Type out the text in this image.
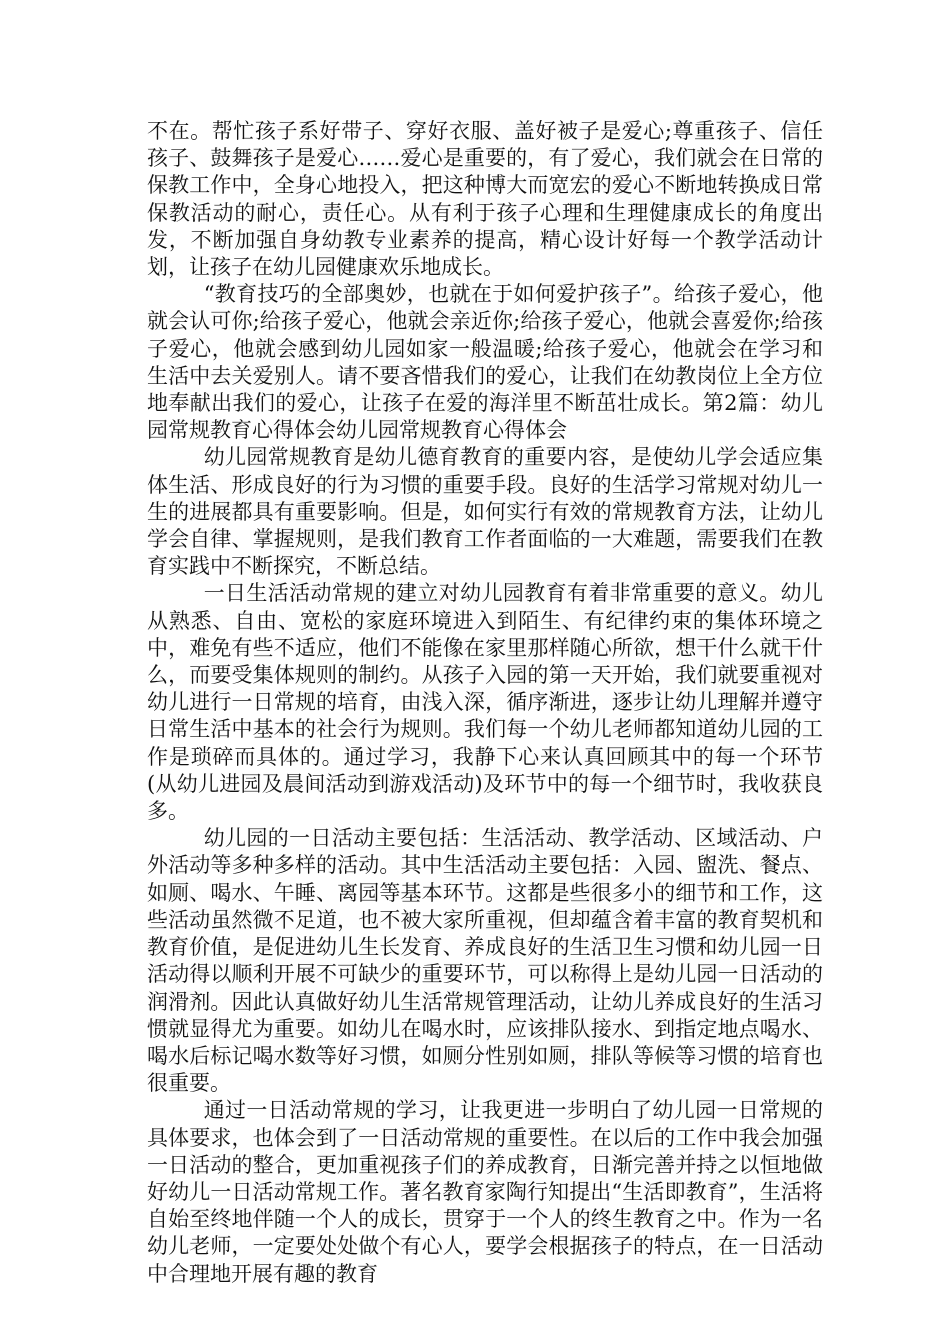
不在。帮忙孩子系好带子、穿好衣服、盖好被子是爱心;尊重孩子、信任孩子、鼓舞孩子是爱心……爱心是重要的，有了爱心，我们就会在日常的保教工作中，全身心地投入，把这种博大而宽宏的爱心不断地转换成日常保教活动的耐心，责任心。从有利于孩子心理和生理健康成长的角度出发，不断加强自身幼教专业素养的提高，精心设计好每一个教学活动计划，让孩子在幼儿园健康欢乐地成长。

“教育技巧的全部奥妙，也就在于如何爱护孩子”。给孩子爱心，他就会认可你;给孩子爱心，他就会亲近你;给孩子爱心，他就会喜爱你;给孩子爱心，他就会感到幼儿园如家一般温暖;给孩子爱心，他就会在学习和生活中去关爱别人。请不要吝惜我们的爱心，让我们在幼教岗位上全方位地奉献出我们的爱心，让孩子在爱的海洋里不断茁壮成长。第2篇：幼儿园常规教育心得体会幼儿园常规教育心得体会

幼儿园常规教育是幼儿德育教育的重要内容，是使幼儿学会适应集体生活、形成良好的行为习惯的重要手段。良好的生活学习常规对幼儿一生的进展都具有重要影响。但是，如何实行有效的常规教育方法，让幼儿学会自律、掌握规则，是我们教育工作者面临的一大难题，需要我们在教育实践中不断探究，不断总结。

一日生活活动常规的建立对幼儿园教育有着非常重要的意义。幼儿从熟悉、自由、宽松的家庭环境进入到陌生、有纪律约束的集体环境之中，难免有些不适应，他们不能像在家里那样随心所欲，想干什么就干什么，而要受集体规则的制约。从孩子入园的第一天开始，我们就要重视对幼儿进行一日常规的培育，由浅入深，循序渐进，逐步让幼儿理解并遵守日常生活中基本的社会行为规则。我们每一个幼儿老师都知道幼儿园的工作是琐碎而具体的。通过学习，我静下心来认真回顾其中的每一个环节(从幼儿进园及晨间活动到游戏活动)及环节中的每一个细节时，我收获良多。

幼儿园的一日活动主要包括：生活活动、教学活动、区域活动、户外活动等多种多样的活动。其中生活活动主要包括：入园、盥洗、餐点、如厕、喝水、午睡、离园等基本环节。这都是些很多小的细节和工作，这些活动虽然微不足道，也不被大家所重视，但却蕴含着丰富的教育契机和教育价值，是促进幼儿生长发育、养成良好的生活卫生习惯和幼儿园一日活动得以顺利开展不可缺少的重要环节，可以称得上是幼儿园一日活动的润滑剂。因此认真做好幼儿生活常规管理活动，让幼儿养成良好的生活习惯就显得尤为重要。如幼儿在喝水时，应该排队接水、到指定地点喝水、喝水后标记喝水数等好习惯，如厕分性别如厕，排队等候等习惯的培育也很重要。

通过一日活动常规的学习，让我更进一步明白了幼儿园一日常规的具体要求，也体会到了一日活动常规的重要性。在以后的工作中我会加强一日活动的整合，更加重视孩子们的养成教育，日渐完善并持之以恒地做好幼儿一日活动常规工作。著名教育家陶行知提出“生活即教育”，生活将自始至终地伴随一个人的成长，贯穿于一个人的终生教育之中。作为一名幼儿老师，一定要处处做个有心人，要学会根据孩子的特点，在一日活动中合理地开展有趣的教育
